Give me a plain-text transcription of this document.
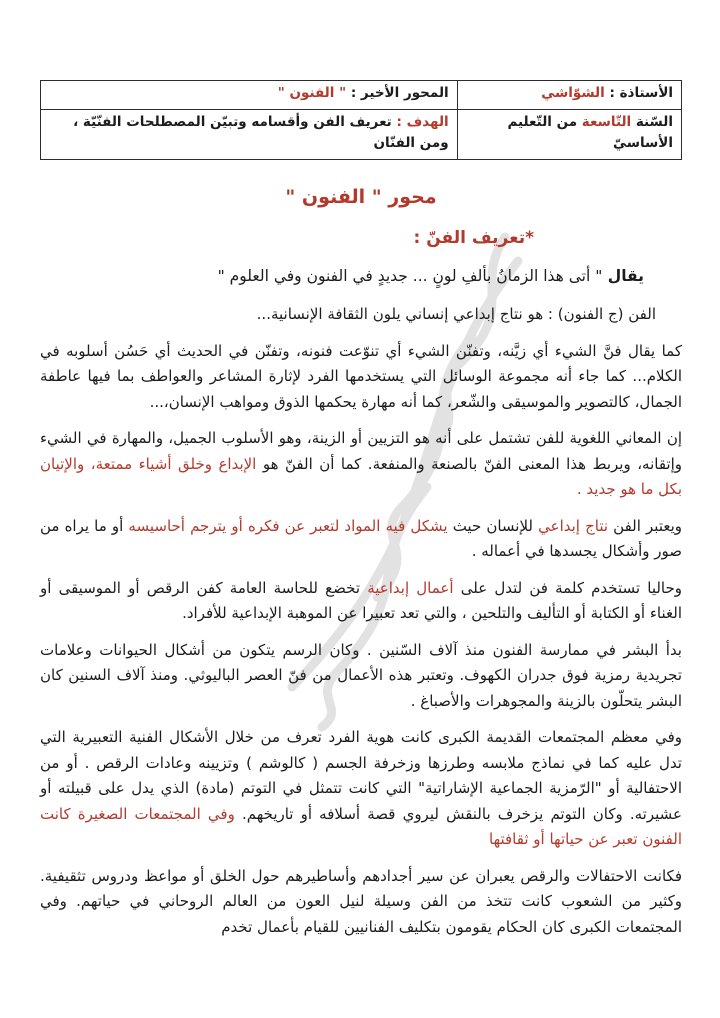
الأستاذة : الشوّاشي	المحور الأخير : " الفنون "
السّنة التّاسعة من التّعليم الأساسيّ	الهدف : تعريف الفن وأقسامه وتبيّن المصطلحات الفنّيّة ، ومن الفنّان
محور " الفنون "
*تعريف الفنّ :

يقال " أتى هذا الزمانُ بألفِ لونٍ ... جديدٍ في الفنون وفي العلوم "

الفن (ج الفنون) : هو نتاج إبداعي إنساني يلون الثقافة الإنسانية...

كما يقال فنَّ الشيء أي زيَّنه، وتفنّن الشيء أي تنوّعت فنونه، وتفنّن في الحديث أي حَسُن أسلوبه في الكلام... كما جاء أنه مجموعة الوسائل التي يستخدمها الفرد لإثارة المشاعر والعواطف بما فيها عاطفة الجمال، كالتصوير والموسيقى والشّعر، كما أنه مهارة يحكمها الذوق ومواهب الإنسان،...

إن المعاني اللغوية للفن تشتمل على أنه هو التزيين أو الزينة، وهو الأسلوب الجميل، والمهارة في الشيء وإتقانه، ويربط هذا المعنى الفنّ بالصنعة والمنفعة. كما أن الفنّ هو الإبداع وخلق أشياء ممتعة، والإتيان بكل ما هو جديد .

ويعتبر الفن نتاج إبداعي للإنسان حيث يشكل فيه المواد لتعبر عن فكره أو يترجم أحاسيسه أو ما يراه من صور وأشكال يجسدها في أعماله .

وحاليا تستخدم كلمة فن لتدل على أعمال إبداعية تخضع للحاسة العامة كفن الرقص أو الموسيقى أو الغناء أو الكتابة أو التأليف والتلحين ، والتي تعد تعبيرا عن الموهبة الإبداعية للأفراد.

بدأ البشر في ممارسة الفنون منذ آلاف السّنين . وكان الرسم يتكون من أشكال الحيوانات وعلامات تجريدية رمزية فوق جدران الكهوف. وتعتبر هذه الأعمال من فنّ العصر الباليوثي. ومنذ آلاف السنين كان البشر يتحلّون بالزينة والمجوهرات والأصباغ .

وفي معظم المجتمعات القديمة الكبرى كانت هوية الفرد تعرف من خلال الأشكال الفنية التعبيرية التي تدل عليه كما في نماذج ملابسه وطرزها وزخرفة الجسم ( كالوشم ) وتزيينه وعادات الرقص . أو من الاحتفالية أو "الرّمزية الجماعية الإشاراتية" التي كانت تتمثل في التوتم (مادة) الذي يدل على قبيلته أو عشيرته. وكان التوتم يزخرف بالنقش ليروي قصة أسلافه أو تاريخهم. وفي المجتمعات الصغيرة كانت الفنون تعبر عن حياتها أو ثقافتها

فكانت الاحتفالات والرقص يعبران عن سير أجدادهم وأساطيرهم حول الخلق أو مواعظ ودروس تثقيفية. وكثير من الشعوب كانت تتخذ من الفن وسيلة لنيل العون من العالم الروحاني في حياتهم. وفي المجتمعات الكبرى كان الحكام يقومون بتكليف الفنانيين للقيام بأعمال تخدم
